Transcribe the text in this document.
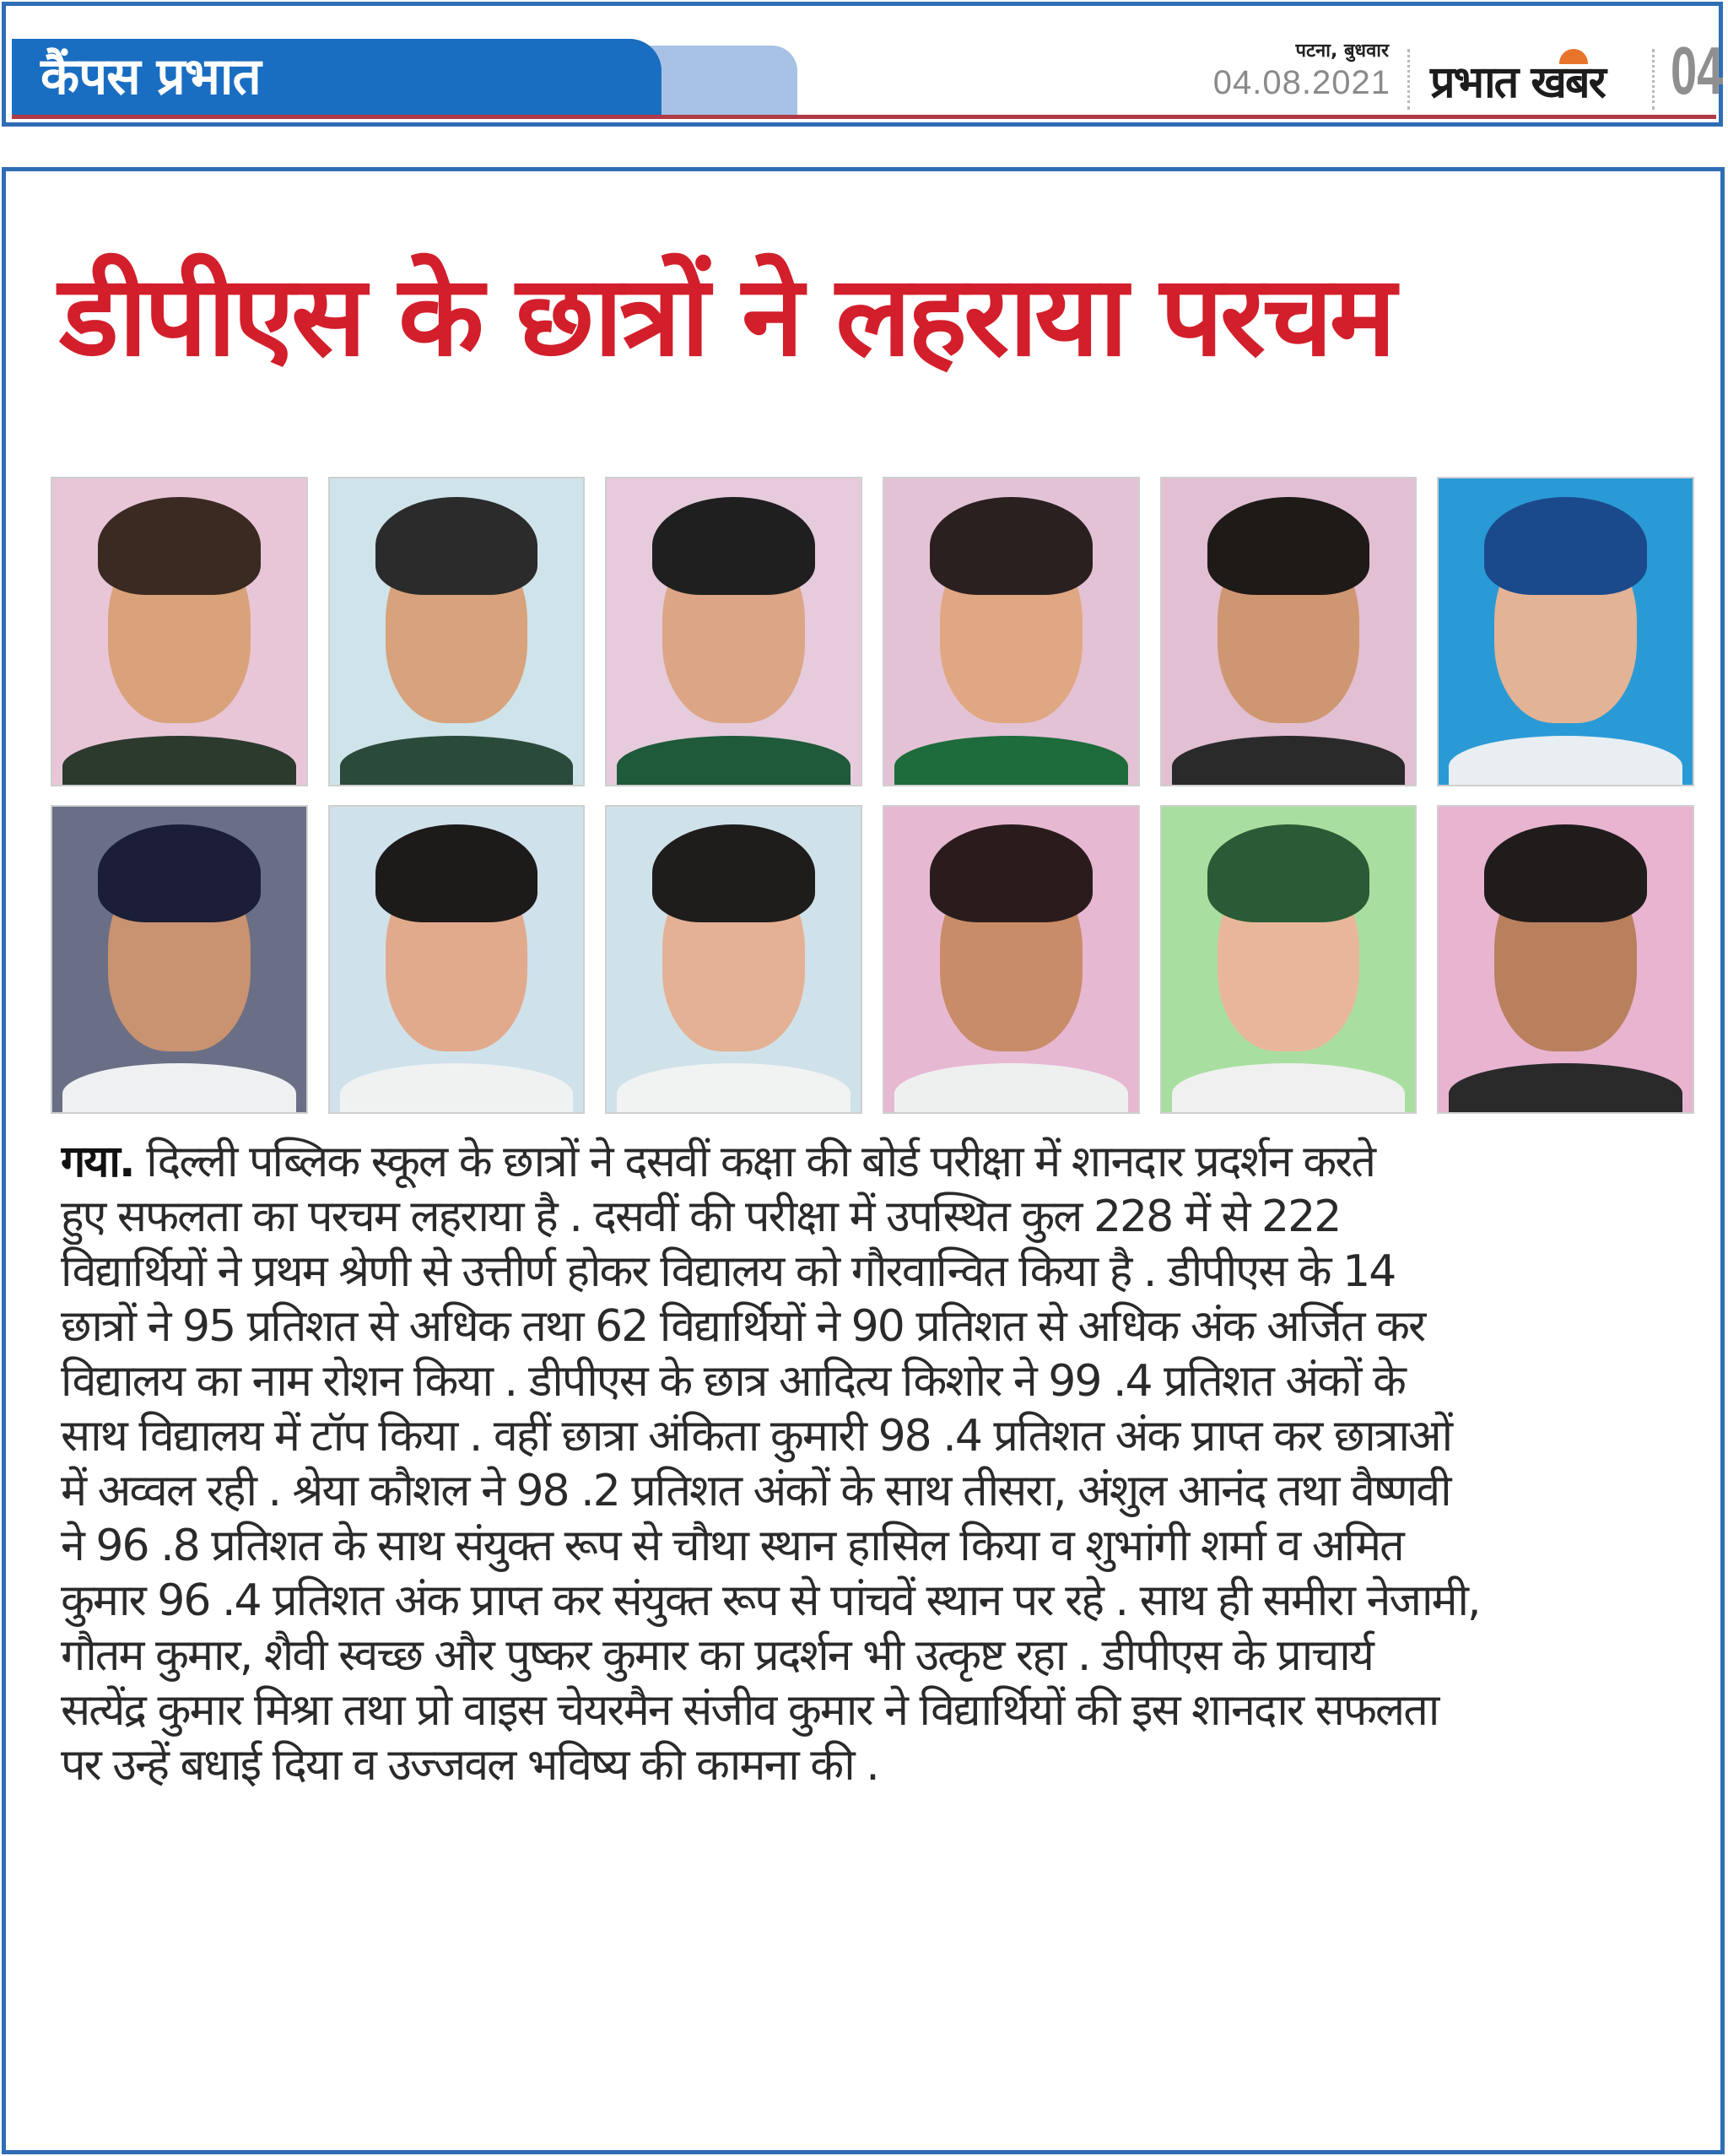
कैंपस प्रभात	पटना, बुधवार
04.08.2021 प्रभात खबर 04
डीपीएस के छात्रों ने लहराया परचम
गया. दिल्ली पब्लिक स्कूल के छात्रों ने दसवीं कक्षा की बोर्ड परीक्षा में शानदार प्रदर्शन करते
हुए सफलता का परचम लहराया है . दसवीं की परीक्षा में उपस्थित कुल 228 में से 222
विद्यार्थियों ने प्रथम श्रेणी से उत्तीर्ण होकर विद्यालय को गौरवान्वित किया है . डीपीएस के 14
छात्रों ने 95 प्रतिशत से अधिक तथा 62 विद्यार्थियों ने 90 प्रतिशत से अधिक अंक अर्जित कर
विद्यालय का नाम रोशन किया . डीपीएस के छात्र आदित्य किशोर ने 99 .4 प्रतिशत अंकों के
साथ विद्यालय में टॉप किया . वहीं छात्रा अंकिता कुमारी 98 .4 प्रतिशत अंक प्राप्त कर छात्राओं
में अव्वल रही . श्रेया कौशल ने 98 .2 प्रतिशत अंकों के साथ तीसरा, अंशुल आनंद तथा वैष्णवी
ने 96 .8 प्रतिशत के साथ संयुक्त रूप से चौथा स्थान हासिल किया व शुभांगी शर्मा व अमित
कुमार 96 .4 प्रतिशत अंक प्राप्त कर संयुक्त रूप से पांचवें स्थान पर रहे . साथ ही समीरा नेजामी,
गौतम कुमार, शैवी स्वच्छ और पुष्कर कुमार का प्रदर्शन भी उत्कृष्ट रहा . डीपीएस के प्राचार्य
सत्येंद्र कुमार मिश्रा तथा प्रो वाइस चेयरमैन संजीव कुमार ने विद्यार्थियों की इस शानदार सफलता
पर उन्हें बधाई दिया व उज्जवल भविष्य की कामना की .
